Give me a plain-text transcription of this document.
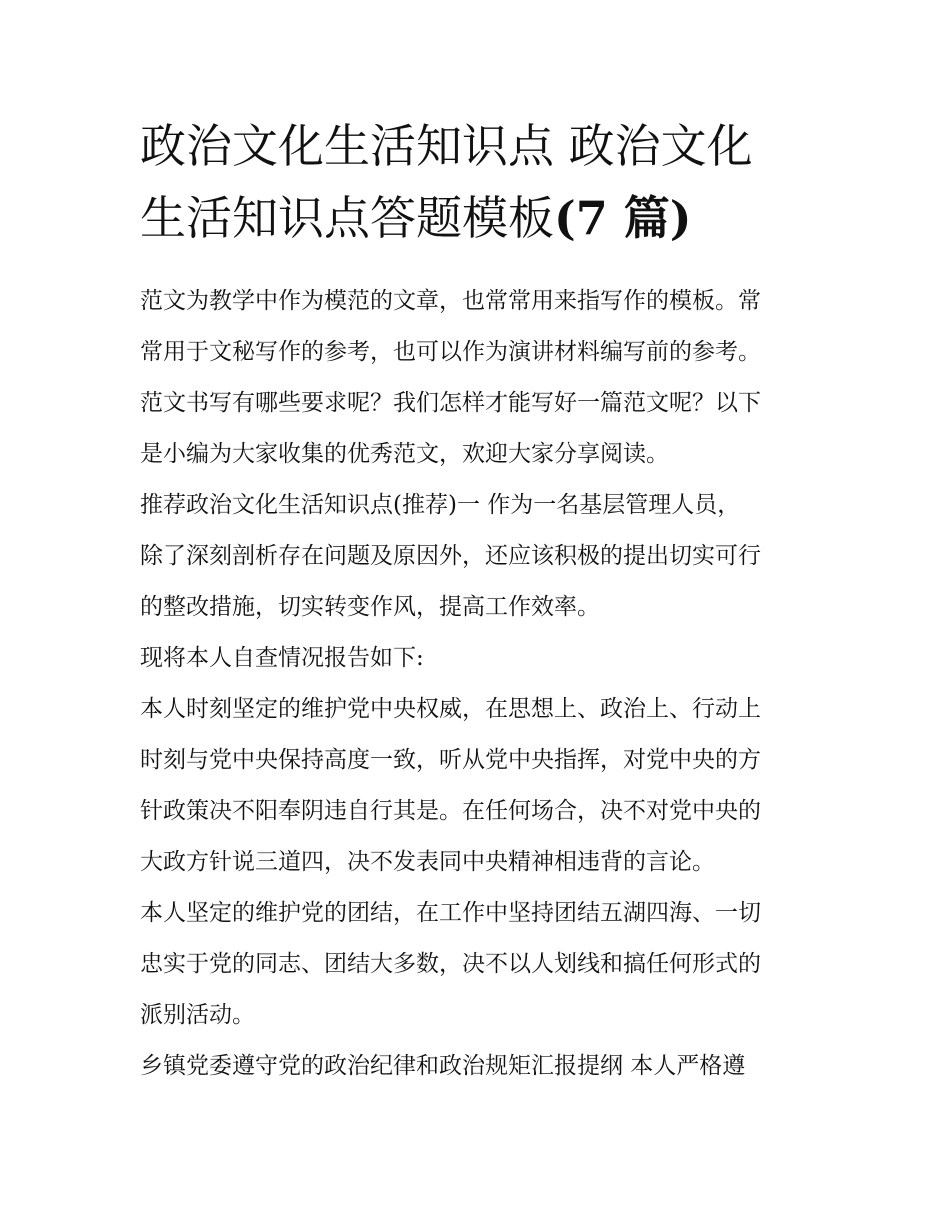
政治文化生活知识点 政治文化
生活知识点答题模板(7 篇)

范文为教学中作为模范的文章，也常常用来指写作的模板。常
常用于文秘写作的参考，也可以作为演讲材料编写前的参考。
范文书写有哪些要求呢？我们怎样才能写好一篇范文呢？以下
是小编为大家收集的优秀范文，欢迎大家分享阅读。

推荐政治文化生活知识点(推荐)一 作为一名基层管理人员，
除了深刻剖析存在问题及原因外，还应该积极的提出切实可行
的整改措施，切实转变作风，提高工作效率。

现将本人自查情况报告如下:

本人时刻坚定的维护党中央权威，在思想上、政治上、行动上
时刻与党中央保持高度一致，听从党中央指挥，对党中央的方
针政策决不阳奉阴违自行其是。在任何场合，决不对党中央的
大政方针说三道四，决不发表同中央精神相违背的言论。

本人坚定的维护党的团结，在工作中坚持团结五湖四海、一切
忠实于党的同志、团结大多数，决不以人划线和搞任何形式的
派别活动。

乡镇党委遵守党的政治纪律和政治规矩汇报提纲 本人严格遵
